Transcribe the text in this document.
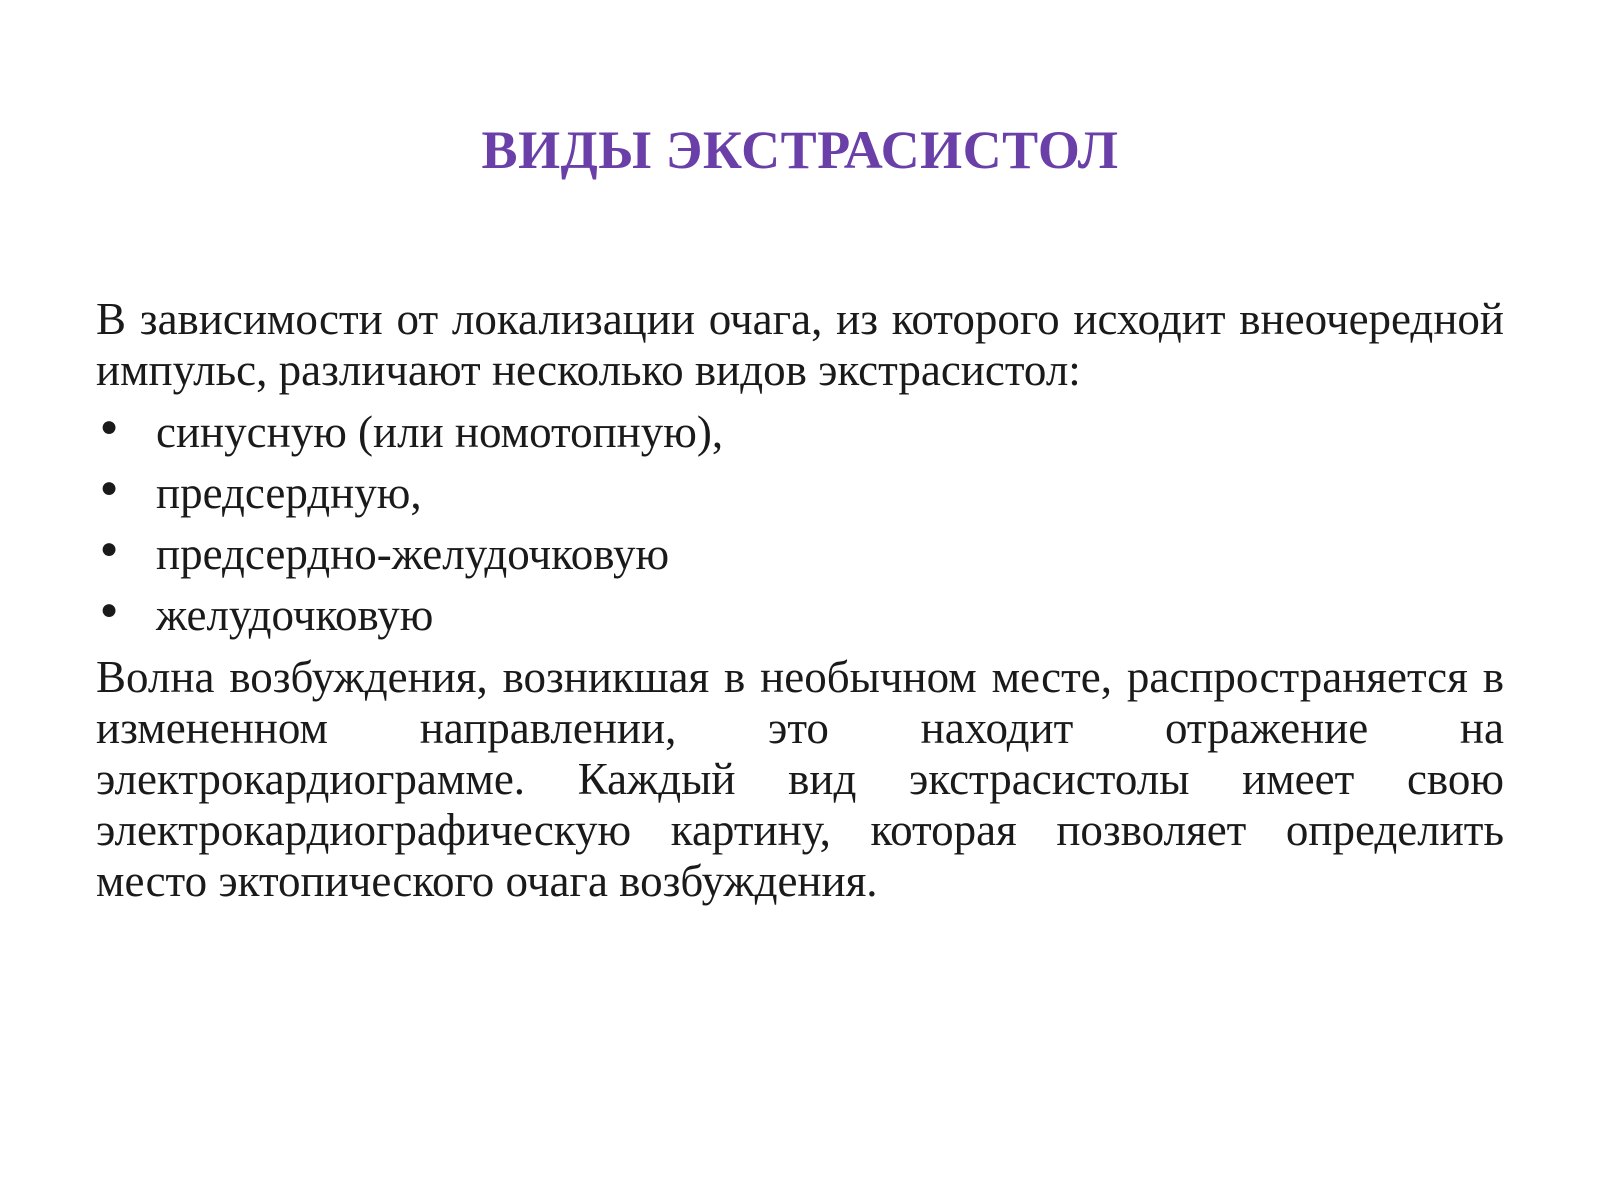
ВИДЫ ЭКСТРАСИСТОЛ

В зависимости от локализации очага, из которого исходит внеочередной импульс, различают несколько видов экстрасистол:

● синусную (или номотопную),
● предсердную,
● предсердно-желудочковую
● желудочковую

Волна возбуждения, возникшая в необычном месте, распространяется в измененном направлении, это находит отражение на электрокардиограмме. Каждый вид экстрасистолы имеет свою электрокардиографическую картину, которая позволяет определить место эктопического очага возбуждения.
